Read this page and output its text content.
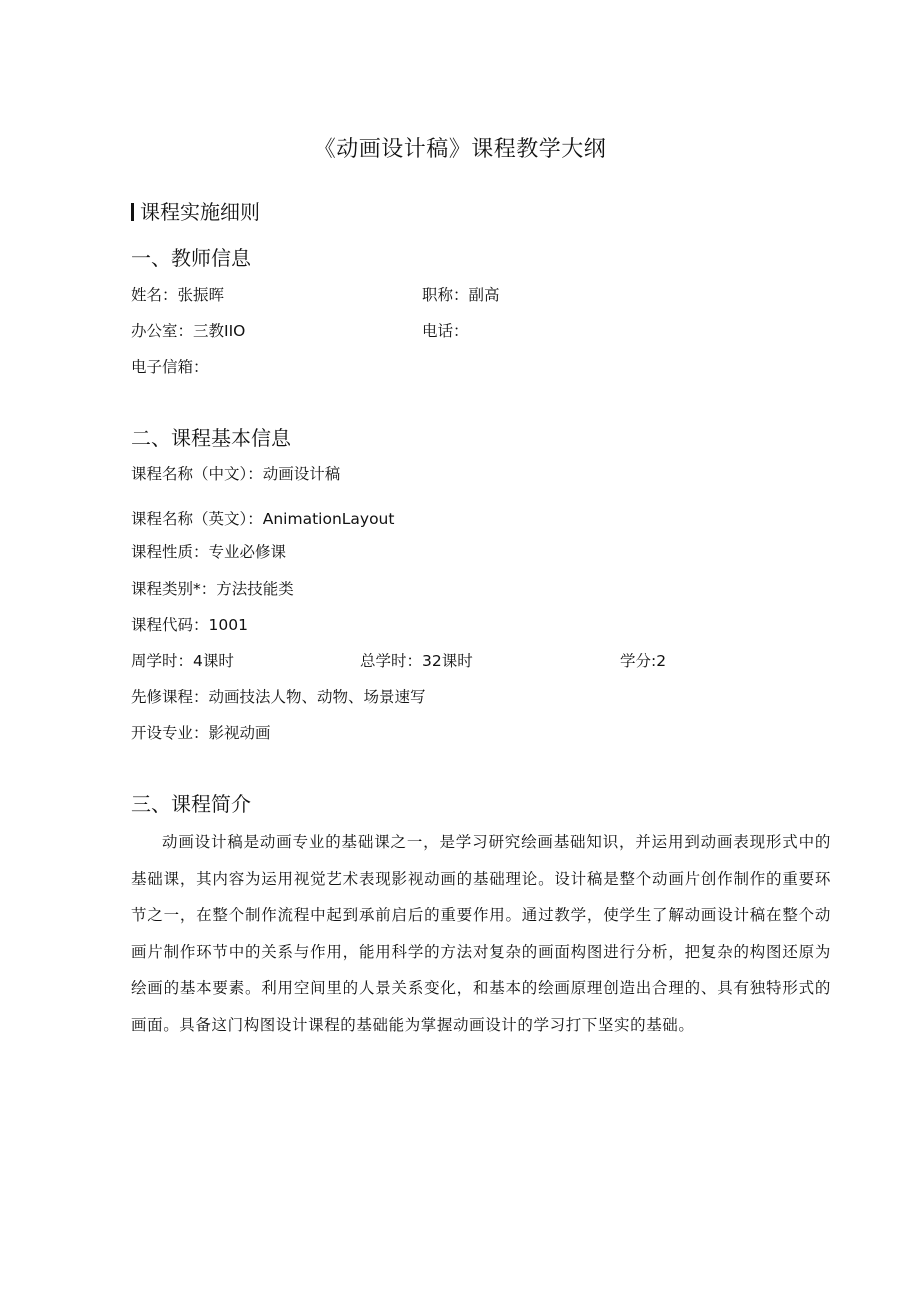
《动画设计稿》课程教学大纲
课程实施细则
一、教师信息
姓名：张振晖	职称：副高
办公室：三教IIO	电话：
电子信箱：
二、课程基本信息
课程名称（中文）：动画设计稿
课程名称（英文）：AnimationLayout
课程性质：专业必修课
课程类别*：方法技能类
课程代码：1001
周学时：4课时	总学时：32课时	学分:2
先修课程：动画技法人物、动物、场景速写
开设专业：影视动画
三、课程简介
动画设计稿是动画专业的基础课之一，是学习研究绘画基础知识，并运用到动画表现形式中的基础课，其内容为运用视觉艺术表现影视动画的基础理论。设计稿是整个动画片创作制作的重要环节之一，在整个制作流程中起到承前启后的重要作用。通过教学，使学生了解动画设计稿在整个动画片制作环节中的关系与作用，能用科学的方法对复杂的画面构图进行分析，把复杂的构图还原为绘画的基本要素。利用空间里的人景关系变化，和基本的绘画原理创造出合理的、具有独特形式的画面。具备这门构图设计课程的基础能为掌握动画设计的学习打下坚实的基础。
